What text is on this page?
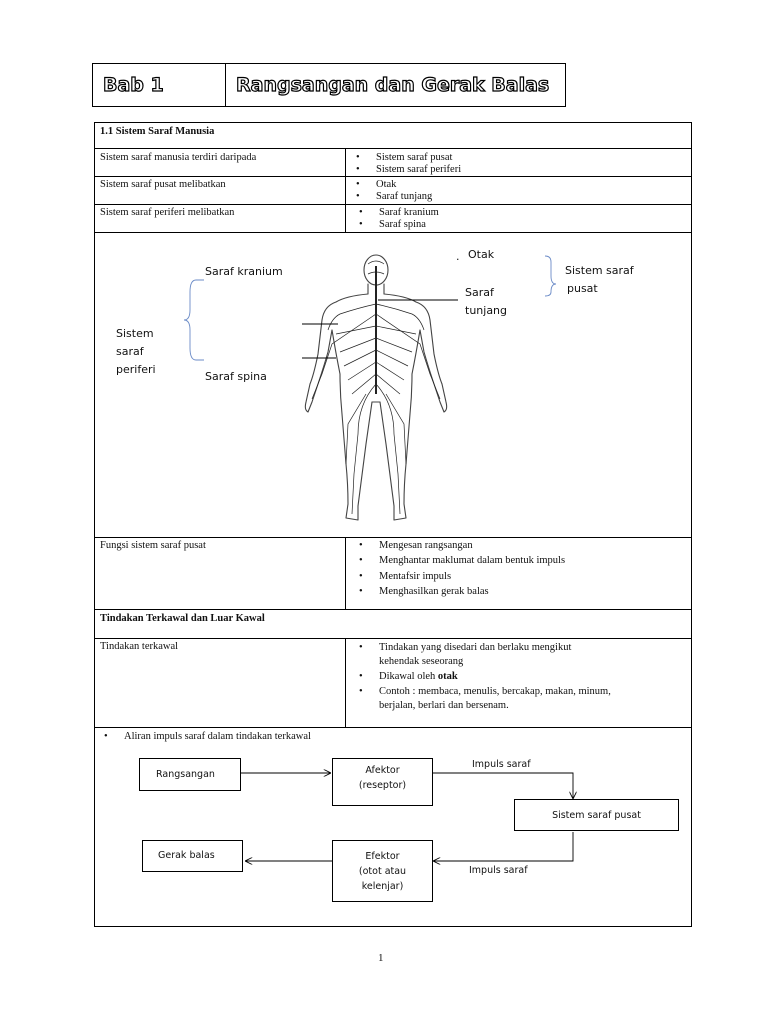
Bab 1	Rangsangan dan Gerak Balas
1.1 Sistem Saraf Manusia
Sistem saraf manusia terdiri daripada	• Sistem saraf pusat
• Sistem saraf periferi
Sistem saraf pusat melibatkan	• Otak
• Saraf tunjang
Sistem saraf periferi melibatkan	• Saraf kranium
• Saraf spina
. Otak
Saraf
tunjang
Sistem saraf
pusat
Saraf kranium
Saraf spina
Sistem
saraf
periferi
Fungsi sistem saraf pusat	• Mengesan rangsangan
• Menghantar maklumat dalam bentuk impuls
• Mentafsir impuls
• Menghasilkan gerak balas
Tindakan Terkawal dan Luar Kawal
Tindakan terkawal	• Tindakan yang disedari dan berlaku mengikut
kehendak seseorang
• Dikawal oleh otak
• Contoh : membaca, menulis, bercakap, makan, minum,
berjalan, berlari dan bersenam.
• Aliran impuls saraf dalam tindakan terkawal
Rangsangan	Afektor
(reseptor)
Impuls saraf
Sistem saraf pusat
Efektor
(otot atau
kelenjar)
Impuls saraf
Gerak balas
1
